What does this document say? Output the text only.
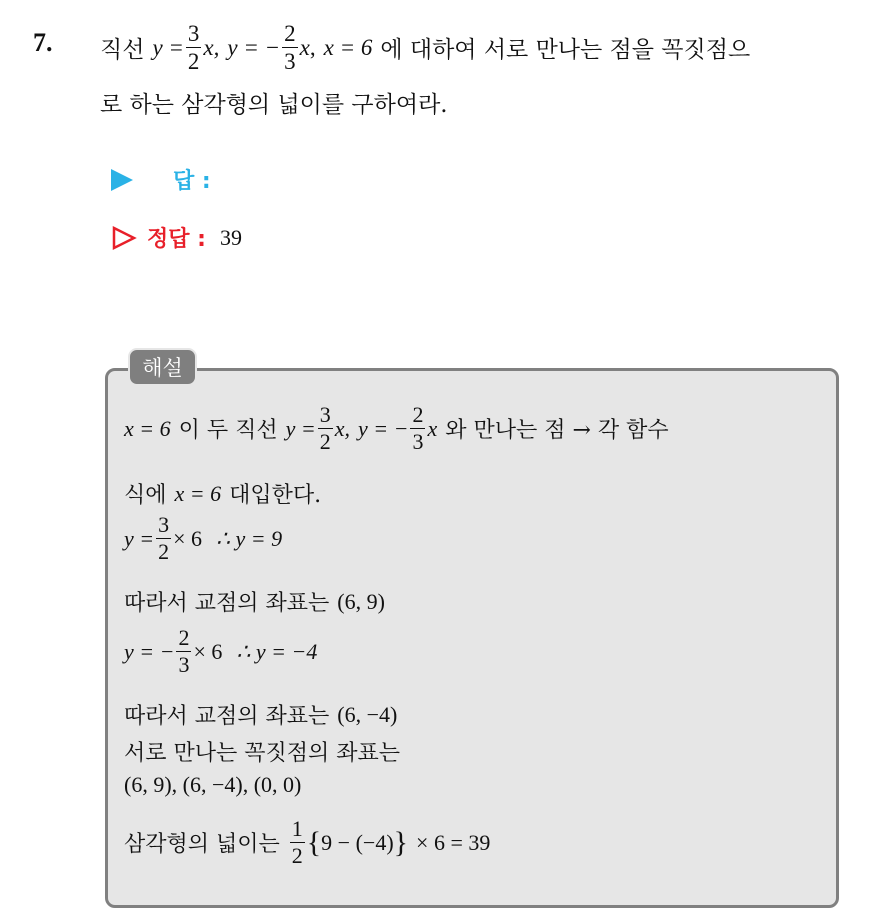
7. 직선 $y = \frac{3}{2} x$, y = − $\frac{2}{3}$ x , x = 6 에 대하여 서로 만나는 점을 꼭짓점으
로 하는 삼각형의 넓이를 구하여라.
답 :
정답 : 39
해설
x = 6 이 두 직선 $y = \frac{3}{2} x$, y = − $\frac{2}{3}$ x 와 만나는 점 → 각 함수
식에 x = 6 대입한다.
$y = \frac{3}{2} \times 6$ ∴ y = 9
따라서 교점의 좌표는 (6, 9)
y = − $\frac{2}{3} \times 6$ ∴ y = −4
따라서 교점의 좌표는 (6, −4)
서로 만나는 꼭짓점의 좌표는
(6, 9), (6, −4), (0, 0)
삼각형의 넓이는 $\frac{1}{2}$ { 9 − (−4) } × 6 = 39
